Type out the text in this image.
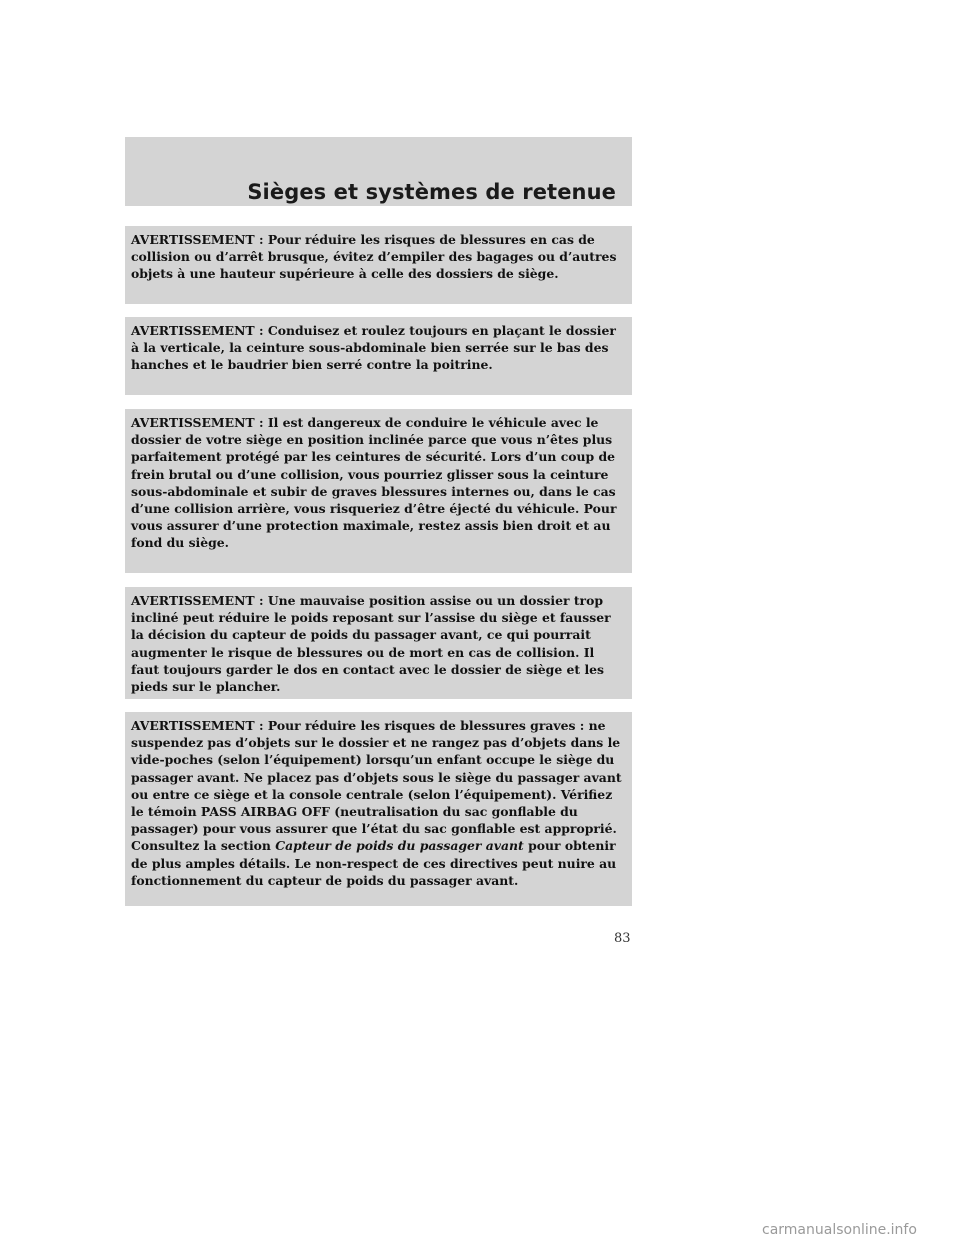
Sièges et systèmes de retenue

AVERTISSEMENT : Pour réduire les risques de blessures en cas de collision ou d’arrêt brusque, évitez d’empiler des bagages ou d’autres objets à une hauteur supérieure à celle des dossiers de siège.

AVERTISSEMENT : Conduisez et roulez toujours en plaçant le dossier à la verticale, la ceinture sous-abdominale bien serrée sur le bas des hanches et le baudrier bien serré contre la poitrine.

AVERTISSEMENT : Il est dangereux de conduire le véhicule avec le dossier de votre siège en position inclinée parce que vous n’êtes plus parfaitement protégé par les ceintures de sécurité. Lors d’un coup de frein brutal ou d’une collision, vous pourriez glisser sous la ceinture sous-abdominale et subir de graves blessures internes ou, dans le cas d’une collision arrière, vous risqueriez d’être éjecté du véhicule. Pour vous assurer d’une protection maximale, restez assis bien droit et au fond du siège.

AVERTISSEMENT : Une mauvaise position assise ou un dossier trop incliné peut réduire le poids reposant sur l’assise du siège et fausser la décision du capteur de poids du passager avant, ce qui pourrait augmenter le risque de blessures ou de mort en cas de collision. Il faut toujours garder le dos en contact avec le dossier de siège et les pieds sur le plancher.

AVERTISSEMENT : Pour réduire les risques de blessures graves : ne suspendez pas d’objets sur le dossier et ne rangez pas d’objets dans le vide-poches (selon l’équipement) lorsqu’un enfant occupe le siège du passager avant. Ne placez pas d’objets sous le siège du passager avant ou entre ce siège et la console centrale (selon l’équipement). Vérifiez le témoin PASS AIRBAG OFF (neutralisation du sac gonflable du passager) pour vous assurer que l’état du sac gonflable est approprié. Consultez la section Capteur de poids du passager avant pour obtenir de plus amples détails. Le non-respect de ces directives peut nuire au fonctionnement du capteur de poids du passager avant.

83

carmanualsonline.info
